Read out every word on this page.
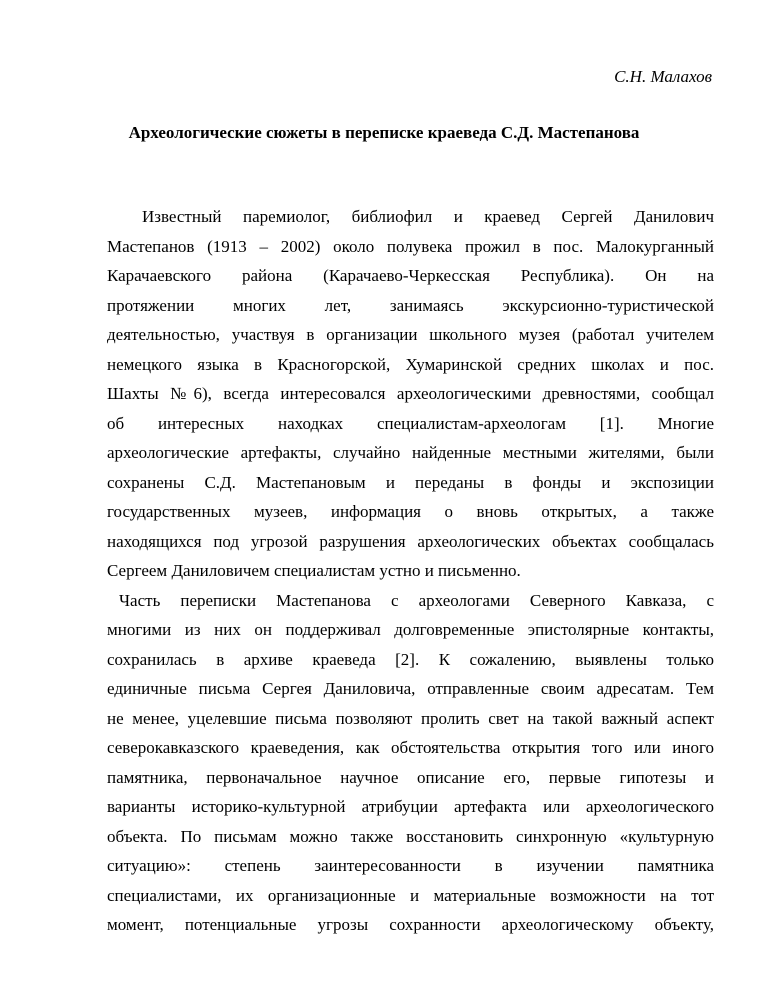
С.Н. Малахов
Археологические сюжеты в переписке краеведа С.Д. Мастепанова
Известный паремиолог, библиофил и краевед Сергей Данилович
Мастепанов (1913 – 2002) около полувека прожил в пос. Малокурганный
Карачаевского района (Карачаево-Черкесская Республика). Он на
протяжении многих лет, занимаясь экскурсионно-туристической
деятельностью, участвуя в организации школьного музея (работал учителем
немецкого языка в Красногорской, Хумаринской средних школах и пос.
Шахты №6), всегда интересовался археологическими древностями, сообщал
об интересных находках специалистам-археологам [1]. Многие
археологические артефакты, случайно найденные местными жителями, были
сохранены С.Д. Мастепановым и переданы в фонды и экспозиции
государственных музеев, информация о вновь открытых, а также
находящихся под угрозой разрушения археологических объектах сообщалась
Сергеем Даниловичем специалистам устно и письменно.
Часть переписки Мастепанова с археологами Северного Кавказа, с
многими из них он поддерживал долговременные эпистолярные контакты,
сохранилась в архиве краеведа [2]. К сожалению, выявлены только
единичные письма Сергея Даниловича, отправленные своим адресатам. Тем
не менее, уцелевшие письма позволяют пролить свет на такой важный аспект
северокавказского краеведения, как обстоятельства открытия того или иного
памятника, первоначальное научное описание его, первые гипотезы и
варианты историко-культурной атрибуции артефакта или археологического
объекта. По письмам можно также восстановить синхронную «культурную
ситуацию»: степень заинтересованности в изучении памятника
специалистами, их организационные и материальные возможности на тот
момент, потенциальные угрозы сохранности археологическому объекту,
